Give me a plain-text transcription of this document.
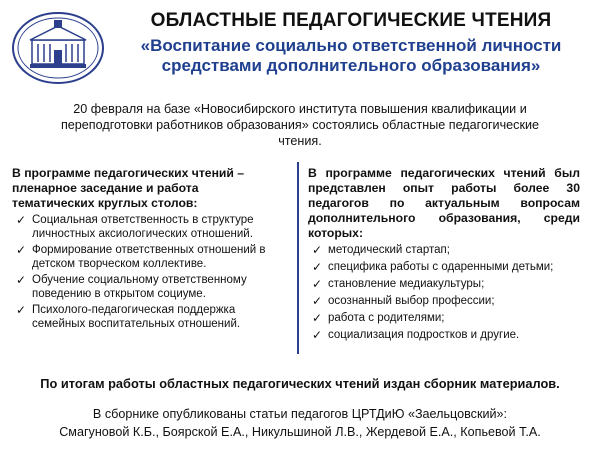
ОБЛАСТНЫЕ ПЕДАГОГИЧЕСКИЕ ЧТЕНИЯ
«Воспитание социально ответственной личности средствами дополнительного образования»
20 февраля на базе «Новосибирского института повышения квалификации и переподготовки работников образования» состоялись областные педагогические чтения.
В программе педагогических чтений – пленарное заседание и работа тематических круглых столов:
✓ Социальная ответственность в структуре личностных аксиологических отношений.
✓ Формирование ответственных отношений в детском творческом коллективе.
✓ Обучение социальному ответственному поведению в открытом социуме.
✓ Психолого-педагогическая поддержка семейных воспитательных отношений.
В программе педагогических чтений был представлен опыт работы более 30 педагогов по актуальным вопросам дополнительного образования, среди которых:
✓ методический стартап;
✓ специфика работы с одаренными детьми;
✓ становление медиакультуры;
✓ осознанный выбор профессии;
✓ работа с родителями;
✓ социализация подростков и другие.
По итогам работы областных педагогических чтений издан сборник материалов.
В сборнике опубликованы статьи педагогов ЦРТДиЮ «Заельцовский»:
Смагуновой К.Б., Боярской Е.А., Никульшиной Л.В., Жердевой Е.А., Копьевой Т.А.
